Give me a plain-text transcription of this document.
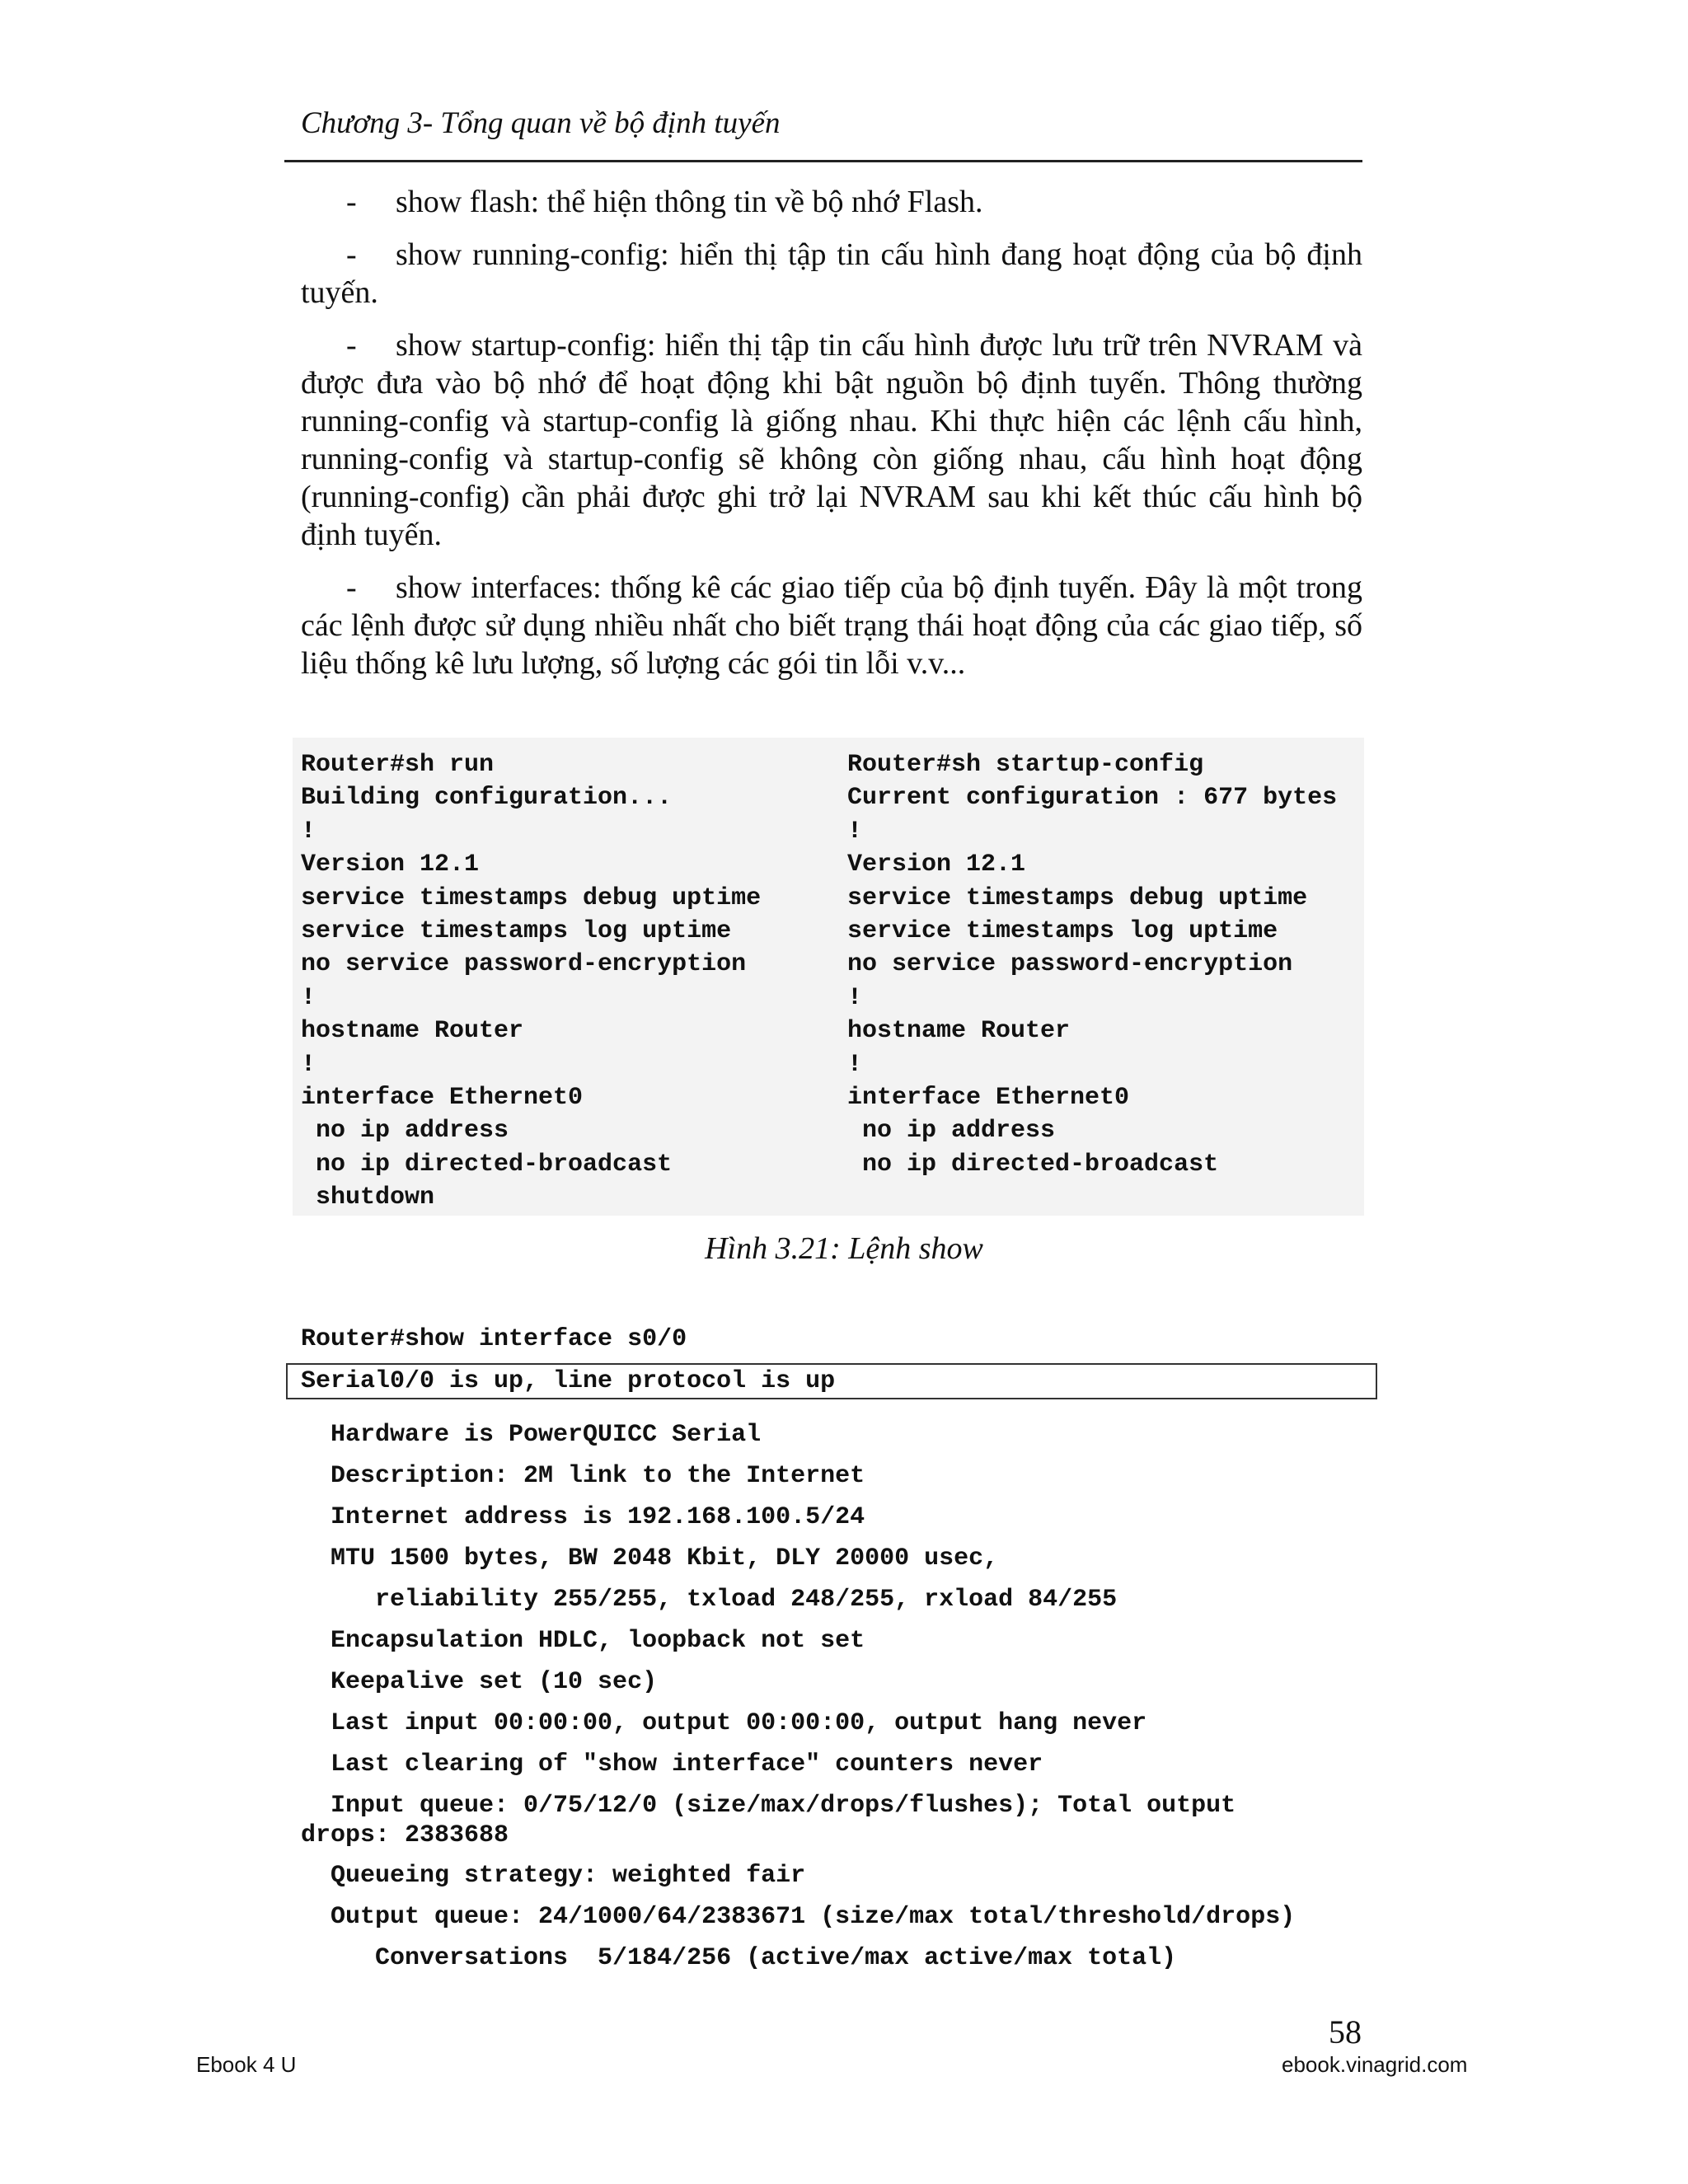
Chương 3- Tổng quan về bộ định tuyến

- show flash: thể hiện thông tin về bộ nhớ Flash.

- show running-config: hiển thị tập tin cấu hình đang hoạt động của bộ định tuyến.

- show startup-config: hiển thị tập tin cấu hình được lưu trữ trên NVRAM và được đưa vào bộ nhớ để hoạt động khi bật nguồn bộ định tuyến. Thông thường running-config và startup-config là giống nhau. Khi thực hiện các lệnh cấu hình, running-config và startup-config sẽ không còn giống nhau, cấu hình hoạt động (running-config) cần phải được ghi trở lại NVRAM sau khi kết thúc cấu hình bộ định tuyến.

- show interfaces: thống kê các giao tiếp của bộ định tuyến. Đây là một trong các lệnh được sử dụng nhiều nhất cho biết trạng thái hoạt động của các giao tiếp, số liệu thống kê lưu lượng, số lượng các gói tin lỗi v.v...

Router#sh run
Building configuration...
!
Version 12.1
service timestamps debug uptime
service timestamps log uptime
no service password-encryption
!
hostname Router
!
interface Ethernet0
no ip address
no ip directed-broadcast
shutdown
Router#sh startup-config
Current configuration : 677 bytes
!
Version 12.1
service timestamps debug uptime
service timestamps log uptime
no service password-encryption
!
hostname Router
!
interface Ethernet0
no ip address
no ip directed-broadcast
Hình 3.21: Lệnh show
Router#show interface s0/0
Serial0/0 is up, line protocol is up
Hardware is PowerQUICC Serial
Description: 2M link to the Internet
Internet address is 192.168.100.5/24
MTU 1500 bytes, BW 2048 Kbit, DLY 20000 usec,
reliability 255/255, txload 248/255, rxload 84/255
Encapsulation HDLC, loopback not set
Keepalive set (10 sec)
Last input 00:00:00, output 00:00:00, output hang never
Last clearing of "show interface" counters never
Input queue: 0/75/12/0 (size/max/drops/flushes); Total output
drops: 2383688
Queueing strategy: weighted fair
Output queue: 24/1000/64/2383671 (size/max total/threshold/drops)
Conversations  5/184/256 (active/max active/max total)
58
Ebook 4 U	ebook.vinagrid.com
